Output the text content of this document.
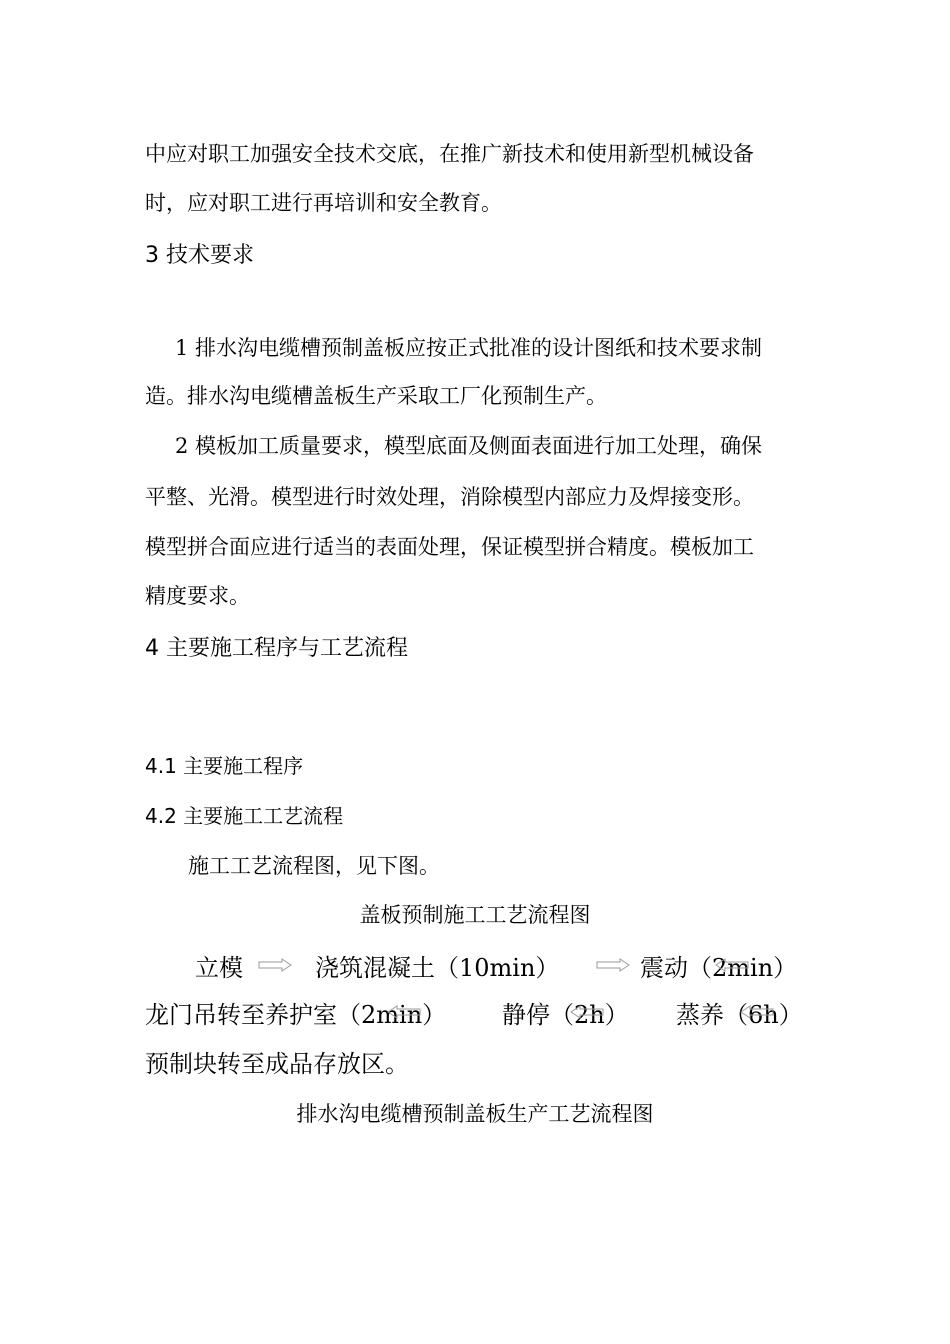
中应对职工加强安全技术交底，在推广新技术和使用新型机械设备
时，应对职工进行再培训和安全教育。
3 技术要求
1 排水沟电缆槽预制盖板应按正式批准的设计图纸和技术要求制
造。排水沟电缆槽盖板生产采取工厂化预制生产。
2 模板加工质量要求，模型底面及侧面表面进行加工处理，确保
平整、光滑。模型进行时效处理，消除模型内部应力及焊接变形。
模型拼合面应进行适当的表面处理，保证模型拼合精度。模板加工
精度要求。
4 主要施工程序与工艺流程
4.1 主要施工程序
4.2 主要施工工艺流程
施工工艺流程图，见下图。
盖板预制施工工艺流程图
立模	浇筑混凝土（10min）	震动（2min）
龙门吊转至养护室（2min） 静停（2h） 蒸养（6h）
预制块转至成品存放区。
排水沟电缆槽预制盖板生产工艺流程图
